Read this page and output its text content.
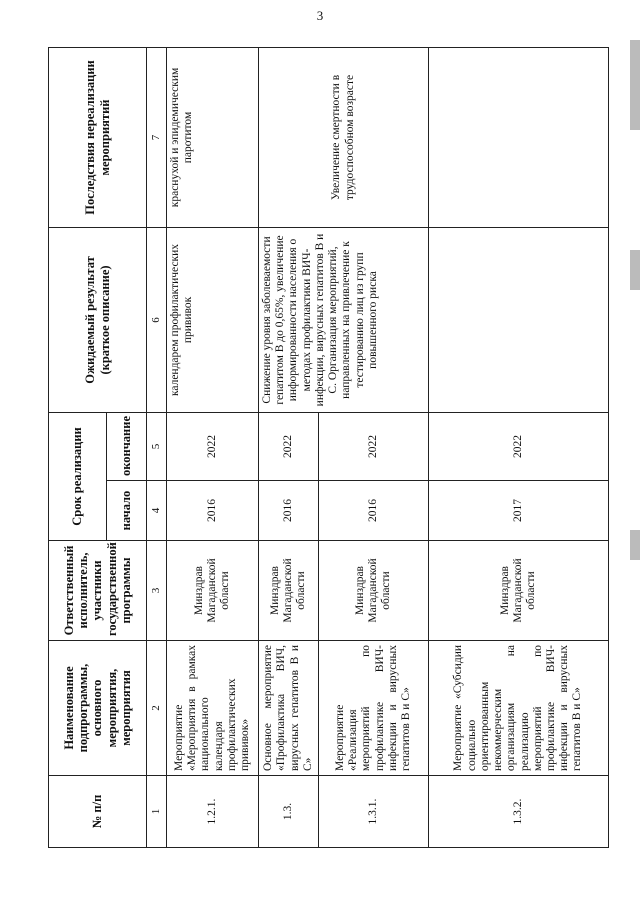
3
№ п/п	Наименование подпрограммы, основного мероприятия, мероприятия	Ответственный исполнитель, участники государственной программы	Срок реализации		Ожидаемый результат (краткое описание)	Последствия нереализации мероприятий
			начало	окончание		
1	2	3	4	5	6	7
1.2.1.	Мероприятие «Мероприятия в рамках национального календаря профилактических прививок»	Минздрав Магаданской области	2016	2022	календарем профилактических прививок	краснухой и эпидемическим паротитом
1.3.	Основное мероприятие «Профилактика ВИЧ, вирусных гепатитов В и С»	Минздрав Магаданской области	2016	2022	Снижение уровня заболеваемости гепатитом В до 0,65%, увеличение информированности населения о методах профилактики ВИЧ-инфекции, вирусных гепатитов В и С. Организация мероприятий, направленных на привлечение к тестированию лиц из групп повышенного риска	Увеличение смертности в трудоспособном возрасте
1.3.1.	Мероприятие «Реализация мероприятий по профилактике ВИЧ-инфекции и вирусных гепатитов В и С»	Минздрав Магаданской области	2016	2022		
1.3.2.	Мероприятие «Субсидии социально ориентированным некоммерческим организациям на реализацию мероприятий по профилактике ВИЧ-инфекции и вирусных гепатитов В и С»	Минздрав Магаданской области	2017	2022		
